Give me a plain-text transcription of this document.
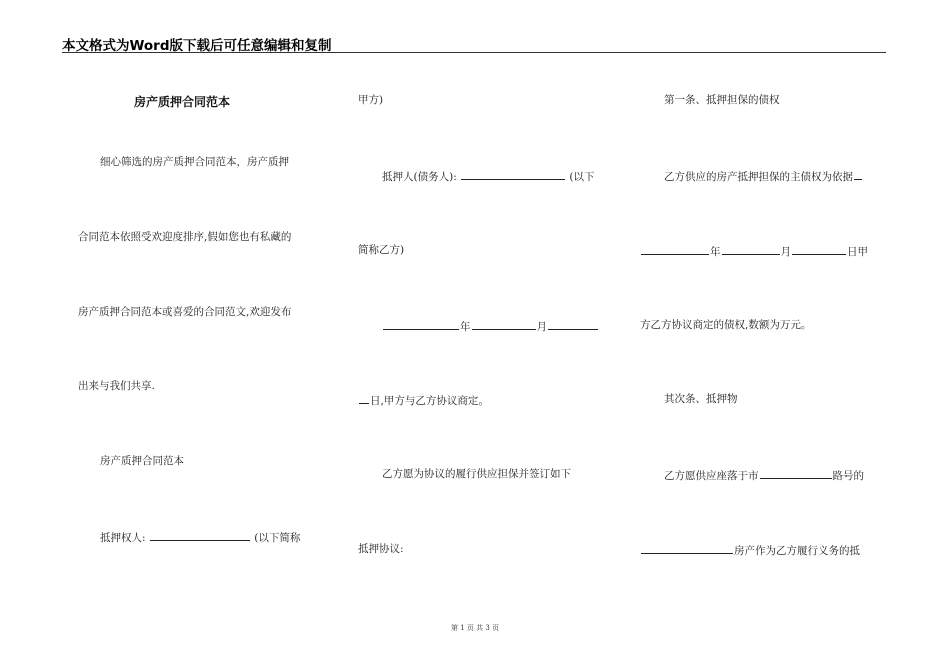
本文格式为Word版下载后可任意编辑和复制
房产质押合同范本
细心筛选的房产质押合同范本，房产质押
合同范本依照受欢迎度排序,假如您也有私藏的
房产质押合同范本或喜爱的合同范文,欢迎发布
出来与我们共享.
房产质押合同范本
抵押权人:	(以下简称
甲方)
抵押人(债务人):	(以下
简称乙方)
年	月
日,甲方与乙方协议商定。
乙方愿为协议的履行供应担保并签订如下
抵押协议:
第一条、抵押担保的债权
乙方供应的房产抵押担保的主债权为依据
年	月	日甲
方乙方协议商定的债权,数额为万元。
其次条、抵押物
乙方愿供应座落于市	路号的
房产作为乙方履行义务的抵
第 1 页 共 3 页
